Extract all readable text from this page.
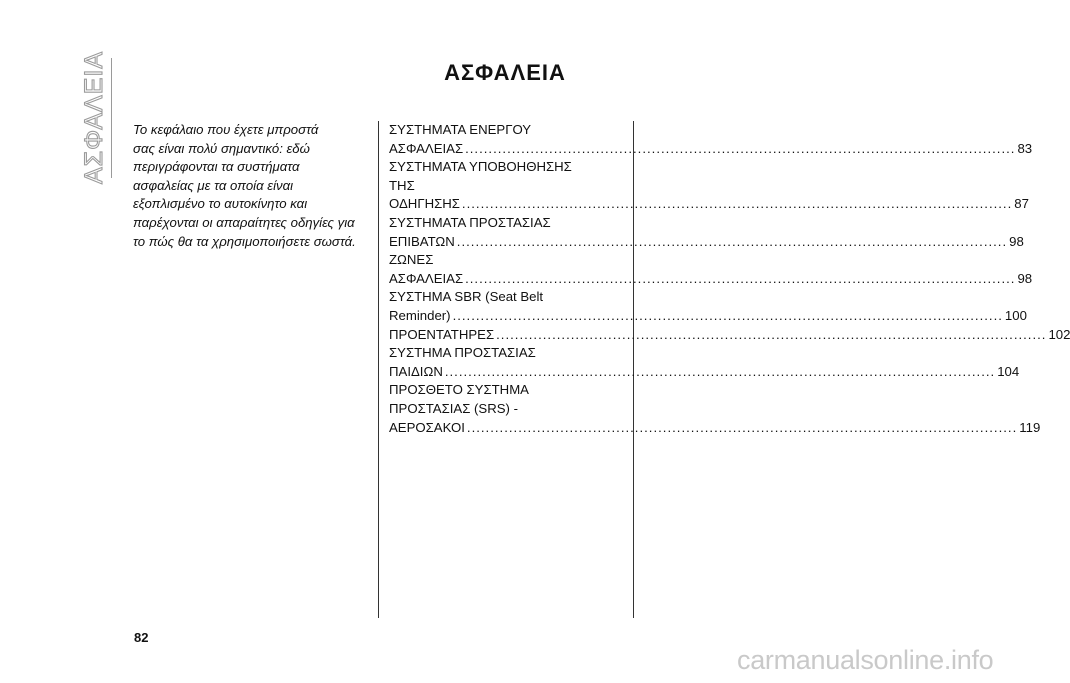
ΑΣΦΑΛΕΙΑ	ΑΣΦΑΛΕΙΑ

Το κεφάλαιο που έχετε μπροστά
σας είναι πολύ σημαντικό: εδώ
περιγράφονται τα συστήματα
ασφαλείας με τα οποία είναι
εξοπλισμένο το αυτοκίνητο και
παρέχονται οι απαραίτητες οδηγίες για
το πώς θα τα χρησιμοποιήσετε σωστά.

ΣΥΣΤΗΜΑΤΑ ΕΝΕΡΓΟΥ
ΑΣΦΑΛΕΙΑΣ .....	83
ΣΥΣΤΗΜΑΤΑ ΥΠΟΒΟΗΘΗΣΗΣ
ΤΗΣ ΟΔΗΓΗΣΗΣ .....	87
ΣΥΣΤΗΜΑΤΑ ΠΡΟΣΤΑΣΙΑΣ
ΕΠΙΒΑΤΩΝ .....	98
ΖΩΝΕΣ ΑΣΦΑΛΕΙΑΣ .....	98
ΣΥΣΤΗΜΑ SBR (Seat Belt
Reminder) .....	100
ΠΡΟΕΝΤΑΤΗΡΕΣ .....	102
ΣΥΣΤΗΜΑ ΠΡΟΣΤΑΣΙΑΣ
ΠΑΙΔΙΩΝ .....	104
ΠΡΟΣΘΕΤΟ ΣΥΣΤΗΜΑ
ΠΡΟΣΤΑΣΙΑΣ (SRS) -
ΑΕΡΟΣΑΚΟΙ .....	119
82
carmanualsonline.info
